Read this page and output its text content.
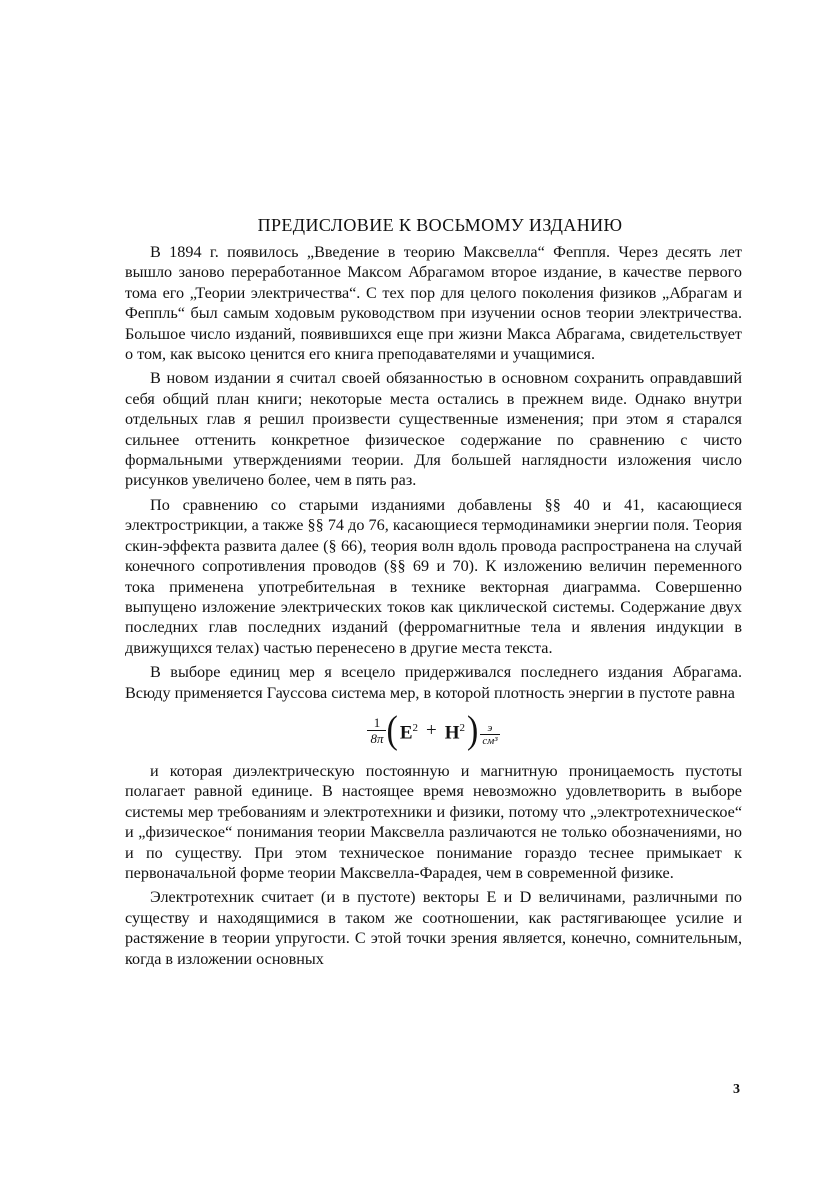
ПРЕДИСЛОВИЕ К ВОСЬМОМУ ИЗДАНИЮ

В 1894 г. появилось „Введение в теорию Максвелла“ Феппля. Через десять лет вышло заново переработанное Максом Абрагамом второе издание, в качестве первого тома его „Теории электричества“. С тех пор для целого поколения физиков „Абрагам и Феппль“ был самым ходовым руководством при изучении основ теории электричества. Большое число изданий, появившихся еще при жизни Макса Абрагама, свидетельствует о том, как высоко ценится его книга преподавателями и учащимися.

В новом издании я считал своей обязанностью в основном сохранить оправдавший себя общий план книги; некоторые места остались в прежнем виде. Однако внутри отдельных глав я решил произвести существенные изменения; при этом я старался сильнее оттенить конкретное физическое содержание по сравнению с чисто формальными утверждениями теории. Для большей наглядности изложения число рисунков увеличено более, чем в пять раз.

По сравнению со старыми изданиями добавлены §§ 40 и 41, касающиеся электрострикции, а также §§ 74 до 76, касающиеся термодинамики энергии поля. Теория скин-эффекта развита далее (§ 66), теория волн вдоль провода распространена на случай конечного сопротивления проводов (§§ 69 и 70). К изложению величин переменного тока применена употребительная в технике векторная диаграмма. Совершенно выпущено изложение электрических токов как циклической системы. Содержание двух последних глав последних изданий (ферромагнитные тела и явления индукции в движущихся телах) частью перенесено в другие места текста.

В выборе единиц мер я всецело придерживался последнего издания Абрагама. Всюду применяется Гауссова система мер, в которой плотность энергии в пустоте равна

$\frac{1}{8\pi}$ ( $E^2 + H^2$ ) э
см³

и которая диэлектрическую постоянную и магнитную проницаемость пустоты полагает равной единице. В настоящее время невозможно удовлетворить в выборе системы мер требованиям и электротехники и физики, потому что „электротехническое“ и „физическое“ понимания теории Максвелла различаются не только обозначениями, но и по существу. При этом техническое понимание гораздо теснее примыкает к первоначальной форме теории Максвелла-Фарадея, чем в современной физике.

Электротехник считает (и в пустоте) векторы E и D величинами, различными по существу и находящимися в таком же соотношении, как растягивающее усилие и растяжение в теории упругости. С этой точки зрения является, конечно, сомнительным, когда в изложении основных

3
